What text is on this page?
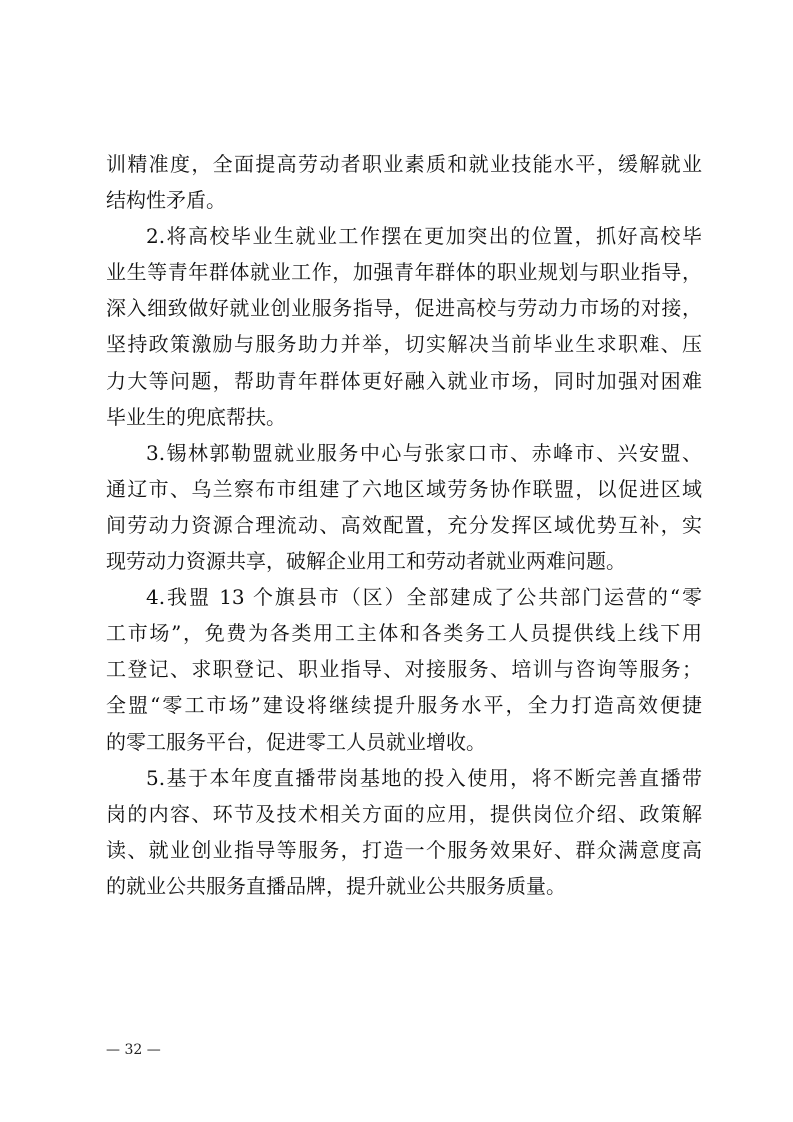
训精准度，全面提高劳动者职业素质和就业技能水平，缓解就业
结构性矛盾。
2.将高校毕业生就业工作摆在更加突出的位置，抓好高校毕
业生等青年群体就业工作，加强青年群体的职业规划与职业指导，
深入细致做好就业创业服务指导，促进高校与劳动力市场的对接，
坚持政策激励与服务助力并举，切实解决当前毕业生求职难、压
力大等问题，帮助青年群体更好融入就业市场，同时加强对困难
毕业生的兜底帮扶。
3.锡林郭勒盟就业服务中心与张家口市、赤峰市、兴安盟、
通辽市、乌兰察布市组建了六地区域劳务协作联盟，以促进区域
间劳动力资源合理流动、高效配置，充分发挥区域优势互补，实
现劳动力资源共享，破解企业用工和劳动者就业两难问题。
4.我盟 13 个旗县市（区）全部建成了公共部门运营的“零
工市场”，免费为各类用工主体和各类务工人员提供线上线下用
工登记、求职登记、职业指导、对接服务、培训与咨询等服务；
全盟“零工市场”建设将继续提升服务水平，全力打造高效便捷
的零工服务平台，促进零工人员就业增收。
5.基于本年度直播带岗基地的投入使用，将不断完善直播带
岗的内容、环节及技术相关方面的应用，提供岗位介绍、政策解
读、就业创业指导等服务，打造一个服务效果好、群众满意度高
的就业公共服务直播品牌，提升就业公共服务质量。
— 32 —
